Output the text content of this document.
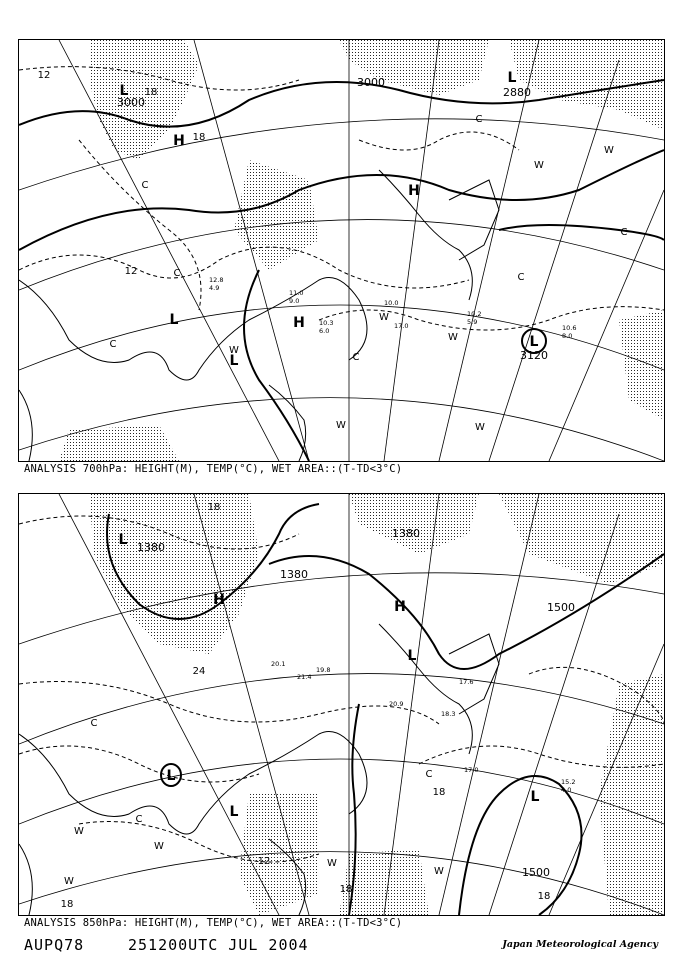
3000
2880
3120
3000
L
L
L
L
L
H
H
H
C
C
C
C
C
C
C
W
W
W
W
W	W
W
12
12
18
18
10.2
5.9
10.6
8.0
11.0
9.0
10.3
6.0
17.0
12.8
4.9
10.0
ANALYSIS 700hPa: HEIGHT(M), TEMP(°C), WET AREA::(T-TD<3°C)
1380
1380
1500
1500
1380
L
L
L
L
L
H
H
C
C
C
W
W
W
W
W
18
18
18
18
24
12
18
17.0
18.3
20.1
21.4
19.8
15.2
4.0
20.9
17.6
ANALYSIS 850hPa: HEIGHT(M), TEMP(°C), WET AREA::(T-TD<3°C)
AUPQ78	251200UTC JUL 2004	Japan Meteorological Agency
